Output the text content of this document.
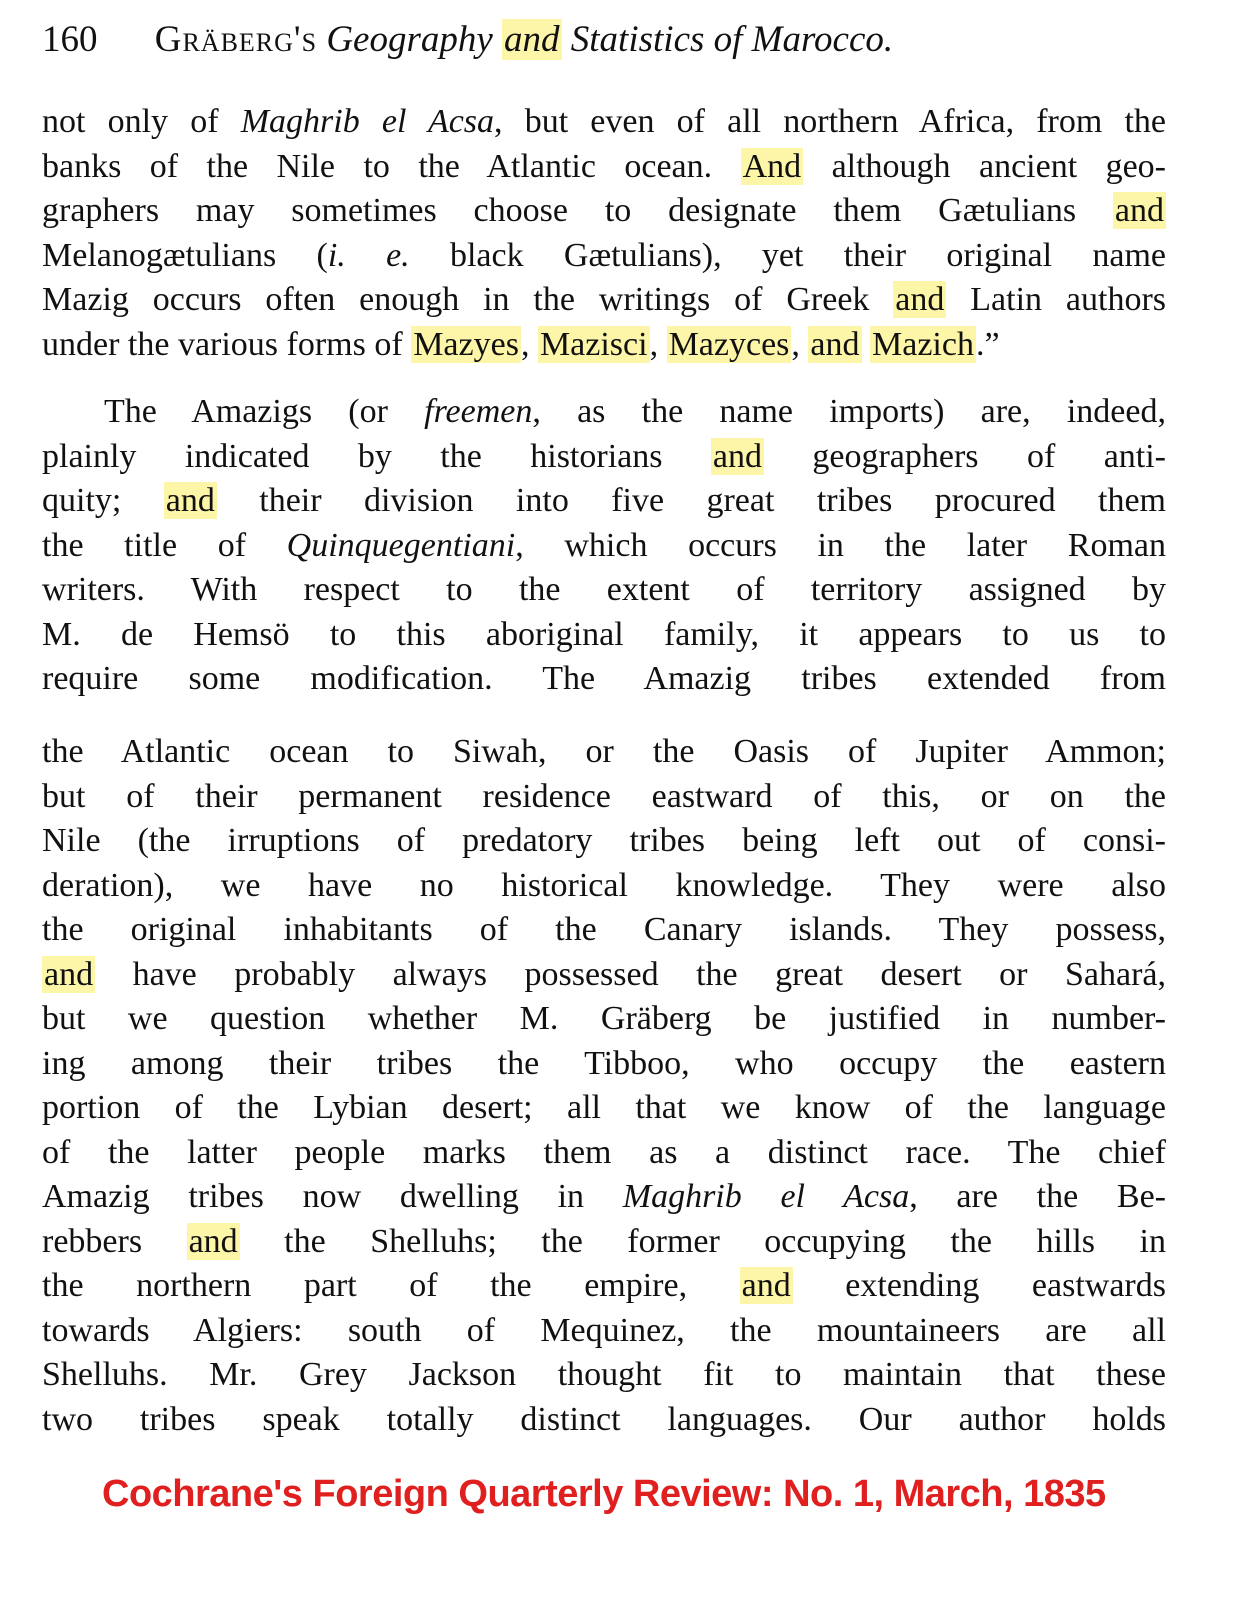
160 Gräberg's Geography and Statistics of Marocco.
not only of Maghrib el Acsa, but even of all northern Africa, from the
banks of the Nile to the Atlantic ocean. And although ancient geo-
graphers may sometimes choose to designate them Gætulians and
Melanogætulians (i. e. black Gætulians), yet their original name
Mazig occurs often enough in the writings of Greek and Latin authors
under the various forms of Mazyes, Mazisci, Mazyces, and Mazich.”
The Amazigs (or freemen, as the name imports) are, indeed,
plainly indicated by the historians and geographers of anti-
quity; and their division into five great tribes procured them
the title of Quinquegentiani, which occurs in the later Roman
writers. With respect to the extent of territory assigned by
M. de Hemsö to this aboriginal family, it appears to us to
require some modification. The Amazig tribes extended from
the Atlantic ocean to Siwah, or the Oasis of Jupiter Ammon;
but of their permanent residence eastward of this, or on the
Nile (the irruptions of predatory tribes being left out of consi-
deration), we have no historical knowledge. They were also
the original inhabitants of the Canary islands. They possess,
and have probably always possessed the great desert or Sahará,
but we question whether M. Gräberg be justified in number-
ing among their tribes the Tibboo, who occupy the eastern
portion of the Lybian desert; all that we know of the language
of the latter people marks them as a distinct race. The chief
Amazig tribes now dwelling in Maghrib el Acsa, are the Be-
rebbers and the Shelluhs; the former occupying the hills in
the northern part of the empire, and extending eastwards
towards Algiers: south of Mequinez, the mountaineers are all
Shelluhs. Mr. Grey Jackson thought fit to maintain that these
two tribes speak totally distinct languages. Our author holds
Cochrane's Foreign Quarterly Review: No. 1, March, 1835
